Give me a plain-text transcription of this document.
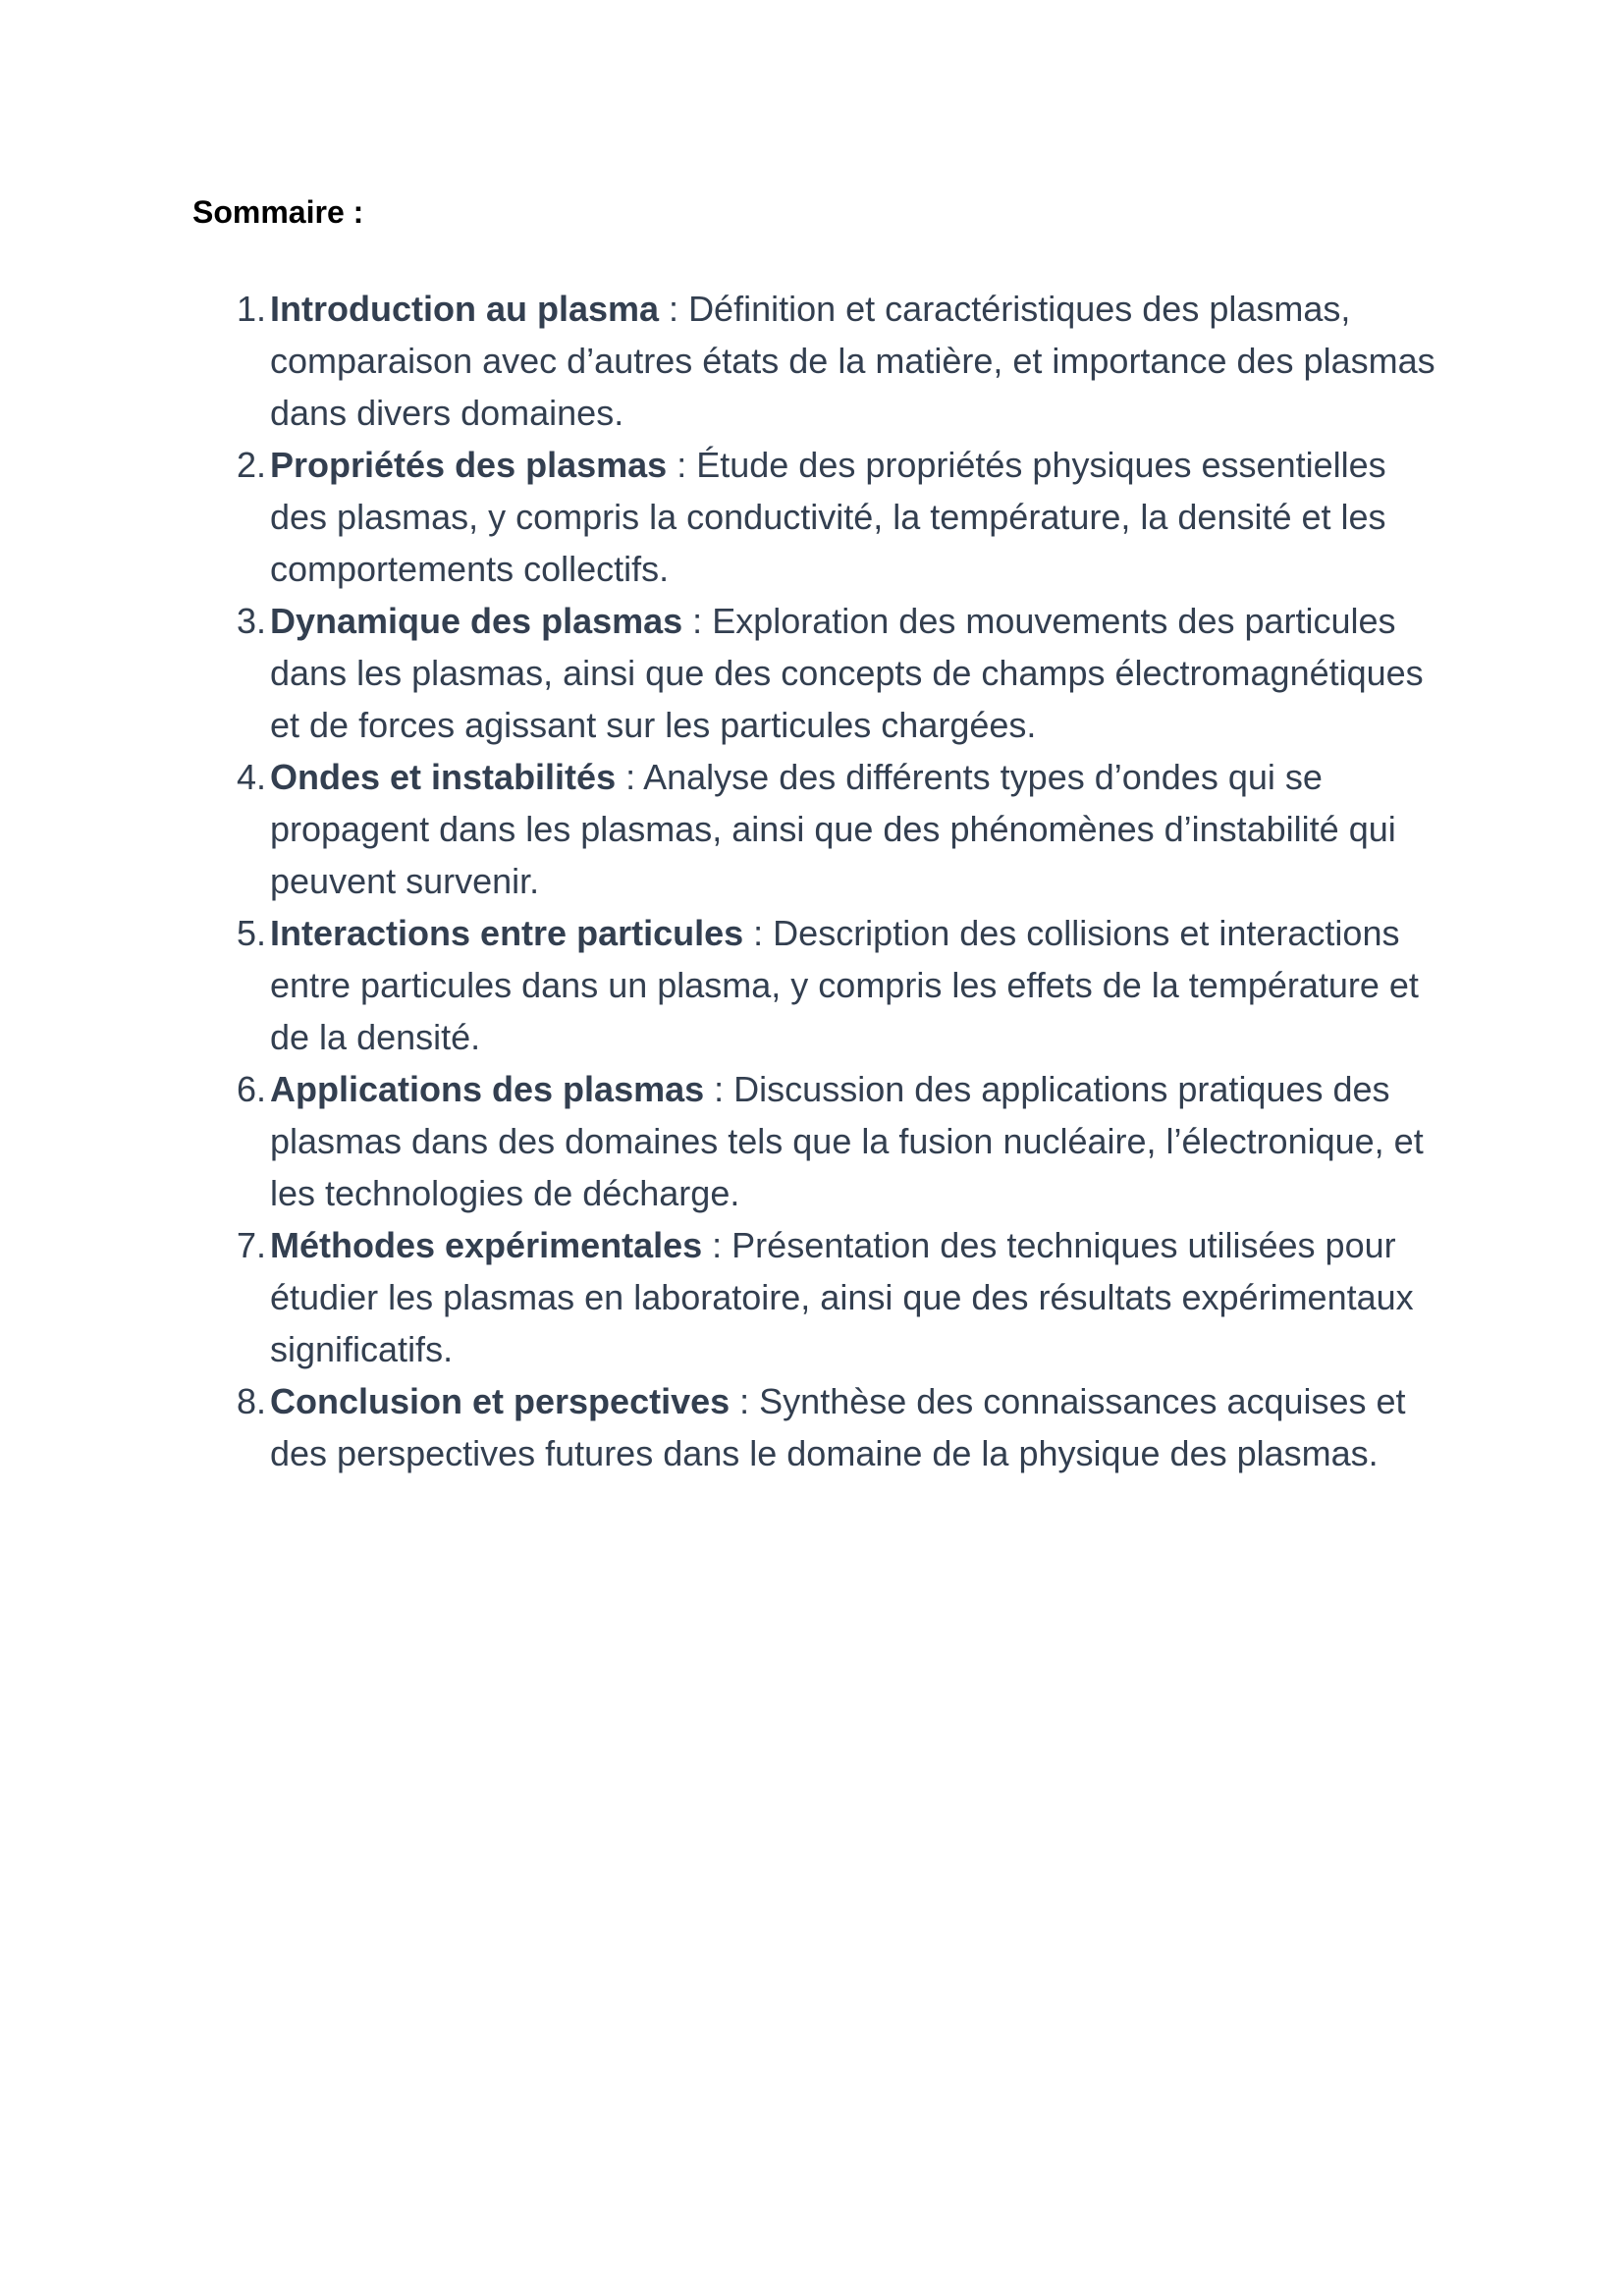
Sommaire :
1. Introduction au plasma : Définition et caractéristiques des plasmas, comparaison avec d’autres états de la matière, et importance des plasmas dans divers domaines.
2. Propriétés des plasmas : Étude des propriétés physiques essentielles des plasmas, y compris la conductivité, la température, la densité et les comportements collectifs.
3. Dynamique des plasmas : Exploration des mouvements des particules dans les plasmas, ainsi que des concepts de champs électromagnétiques et de forces agissant sur les particules chargées.
4. Ondes et instabilités : Analyse des différents types d’ondes qui se propagent dans les plasmas, ainsi que des phénomènes d’instabilité qui peuvent survenir.
5. Interactions entre particules : Description des collisions et interactions entre particules dans un plasma, y compris les effets de la température et de la densité.
6. Applications des plasmas : Discussion des applications pratiques des plasmas dans des domaines tels que la fusion nucléaire, l’électronique, et les technologies de décharge.
7. Méthodes expérimentales : Présentation des techniques utilisées pour étudier les plasmas en laboratoire, ainsi que des résultats expérimentaux significatifs.
8. Conclusion et perspectives : Synthèse des connaissances acquises et des perspectives futures dans le domaine de la physique des plasmas.
